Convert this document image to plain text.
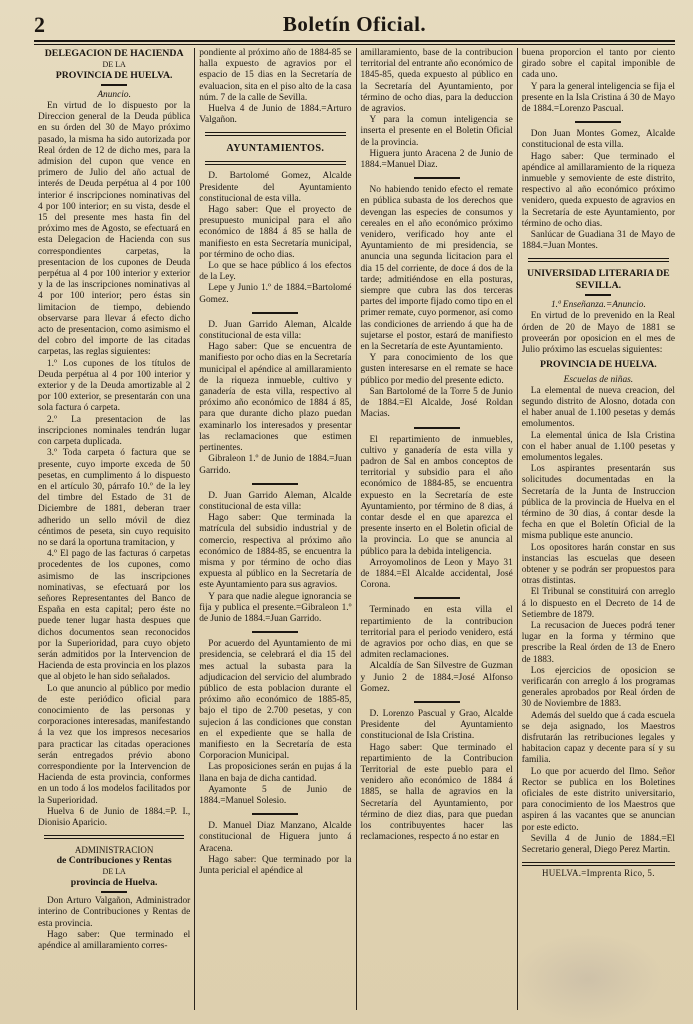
2	Boletín Oficial.

DELEGACION DE HACIENDA

DE LA

PROVINCIA DE HUELVA.

Anuncio.

En virtud de lo dispuesto por la Direccion general de la Deuda pública en su órden del 30 de Mayo próximo pasado, la misma ha sido autorizada por Real órden de 12 de dicho mes, para la admision del cupon que vence en primero de Julio del año actual de interés de Deuda perpétua al 4 por 100 interior é inscripciones nominativas del 4 por 100 interior; en su vista, desde el 15 del presente mes hasta fin del próximo mes de Agosto, se efectuará en esta Delegacion de Hacienda con sus correspondientes carpetas, la presentacion de los cupones de Deuda perpétua al 4 por 100 interior y exterior y la de las inscripciones nominativas al 4 por 100 interior; pero éstas sin limitacion de tiempo, debiendo observarse para llevar á efecto dicho acto de presentacion, como asimismo el del cobro del importe de las citadas carpetas, las reglas siguientes:

1.º Los cupones de los títulos de Deuda perpétua al 4 por 100 interior y exterior y de la Deuda amortizable al 2 por 100 exterior, se presentarán con una sola factura ó carpeta.

2.º La presentacion de las inscripciones nominales tendrán lugar con carpeta duplicada.

3.º Toda carpeta ó factura que se presente, cuyo importe exceda de 50 pesetas, en cumplimento á lo dispuesto en el artículo 30, párrafo 10.º de la ley del timbre del Estado de 31 de Diciembre de 1881, deberan traer adherido un sello móvil de diez céntimos de peseta, sin cuyo requisito no se dará la oportuna tramitacion, y

4.º El pago de las facturas ó carpetas procedentes de los cupones, como asimismo de las inscripciones nominativas, se efectuará por los señores Representantes del Banco de España en esta capital; pero éste no puede tener lugar hasta despues que dichos documentos sean reconocidos por la Superioridad, para cuyo objeto serán admitidos por la Intervencion de Hacienda de esta provincia en los plazos que al objeto le han sido señalados.

Lo que anuncio al público por medio de este periódico oficial para conocimiento de las personas y corporaciones interesadas, manifestando á la vez que los impresos necesarios para practicar las citadas operaciones serán entregados prévio abono correspondiente por la Intervencion de Hacienda de esta provincia, conformes en un todo á los modelos facilitados por la Superioridad.

Huelva 6 de Junio de 1884.=P. I., Dionisio Aparicio.

ADMINISTRACION

de Contribuciones y Rentas

DE LA

provincia de Huelva.

Don Arturo Valgañon, Administrador interino de Contribuciones y Rentas de esta provincia.

Hago saber: Que terminado el apéndice al amillaramiento corres-

pondiente al próximo año de 1884-85 se halla expuesto de agravios por el espacio de 15 dias en la Secretaría de evaluacion, sita en el piso alto de la casa núm. 7 de la calle de Sevilla.

Huelva 4 de Junio de 1884.=Arturo Valgañon.

AYUNTAMIENTOS.

D. Bartolomé Gomez, Alcalde Presidente del Ayuntamiento constitucional de esta villa.

Hago saber: Que el proyecto de presupuesto municipal para el año económico de 1884 á 85 se halla de manifiesto en esta Secretaría municipal, por término de ocho dias.

Lo que se hace público á los efectos de la Ley.

Lepe y Junio 1.º de 1884.=Bartolomé Gomez.

D. Juan Garrido Aleman, Alcalde constitucional de esta villa:

Hago saber: Que se encuentra de manifiesto por ocho dias en la Secretaría municipal el apéndice al amillaramiento de la riqueza inmueble, cultivo y ganadería de esta villa, respectivo al próximo año económico de 1884 á 85, para que durante dicho plazo puedan examinarlo los interesados y presentar las reclamaciones que estimen pertinentes.

Gibraleon 1.º de Junio de 1884.=Juan Garrido.

D. Juan Garrido Aleman, Alcalde constitucional de esta villa:

Hago saber: Que terminada la matrícula del subsidio industrial y de comercio, respectiva al próximo año económico de 1884-85, se encuentra la misma y por término de ocho dias expuesta al público en la Secretaría de este Ayuntamiento para sus agravios.

Y para que nadie alegue ignorancia se fija y publica el presente.=Gibraleon 1.º de Junio de 1884.=Juan Garrido.

Por acuerdo del Ayuntamiento de mi presidencia, se celebrará el dia 15 del mes actual la subasta para la adjudicacion del servicio del alumbrado público de esta poblacion durante el próximo año económico de 1885-85, bajo el tipo de 2.700 pesetas, y con sujecion á las condiciones que constan en el expediente que se halla de manifiesto en la Secretaría de esta Corporacion Municipal.

Las proposiciones serán en pujas á la llana en baja de dicha cantidad.

Ayamonte 5 de Junio de 1884.=Manuel Solesio.

D. Manuel Diaz Manzano, Alcalde constitucional de Higuera junto á Aracena.

Hago saber: Que terminado por la Junta pericial el apéndice al

amillaramiento, base de la contribucion territorial del entrante año económico de 1845-85, queda expuesto al público en la Secretaría del Ayuntamiento, por término de ocho dias, para la deduccion de agravios.

Y para la comun inteligencia se inserta el presente en el Boletin Oficial de la provincia.

Higuera junto Aracena 2 de Junio de 1884.=Manuel Diaz.

No habiendo tenido efecto el remate en pública subasta de los derechos que devengan las especies de consumos y cereales en el año económico próximo venidero, verificado hoy ante el Ayuntamiento de mi presidencia, se anuncia una segunda licitacion para el dia 15 del corriente, de doce á dos de la tarde; admitiéndose en ella posturas, siempre que cubra las dos terceras partes del importe fijado como tipo en el primer remate, cuyo pormenor, así como las condiciones de arriendo á que ha de sujetarse el postor, estará de manifiesto en la Secretaría de este Ayuntamiento.

Y para conocimiento de los que gusten interesarse en el remate se hace público por medio del presente edicto.

San Bartolomé de la Torre 5 de Junio de 1884.=El Alcalde, José Roldan Macias.

El repartimiento de inmuebles, cultivo y ganadería de esta villa y padron de Sal en ambos conceptos de territorial y subsidio para el año económico de 1884-85, se encuentra expuesto en la Secretaría de este Ayuntamiento, por término de 8 dias, á contar desde el en que aparezca el presente inserto en el Boletin oficial de la provincia. Lo que se anuncia al público para la debida inteligencia.

Arroyomolinos de Leon y Mayo 31 de 1884.=El Alcalde accidental, José Corona.

Terminado en esta villa el repartimiento de la contribucion territorial para el periodo venidero, está de agravios por ocho dias, en que se admiten reclamaciones.

Alcaldía de San Silvestre de Guzman y Junio 2 de 1884.=José Alfonso Gomez.

D. Lorenzo Pascual y Grao, Alcalde Presidente del Ayuntamiento constitucional de Isla Cristina.

Hago saber: Que terminado el repartimiento de la Contribucion Territorial de este pueblo para el venidero año económico de 1884 á 1885, se halla de agravios en la Secretaría del Ayuntamiento, por término de diez dias, para que puedan los contribuyentes hacer las reclamaciones, respecto á no estar en

buena proporcion el tanto por ciento girado sobre el capital imponible de cada uno.

Y para la general inteligencia se fija el presente en la Isla Cristina á 30 de Mayo de 1884.=Lorenzo Pascual.

Don Juan Montes Gomez, Alcalde constitucional de esta villa.

Hago saber: Que terminado el apéndice al amillaramiento de la riqueza inmueble y semoviente de este distrito, respectivo al año económico próximo venidero, queda expuesto de agravios en la Secretaría de este Ayuntamiento, por término de ocho dias.

Sanlúcar de Guadiana 31 de Mayo de 1884.=Juan Montes.

UNIVERSIDAD LITERARIA DE

SEVILLA.

1.ª Enseñanza.=Anuncio.

En virtud de lo prevenido en la Real órden de 20 de Mayo de 1881 se proveerán por oposicion en el mes de Julio próximo las escuelas siguientes:

PROVINCIA DE HUELVA.

Escuelas de niñas.

La elemental de nueva creacion, del segundo distrito de Alosno, dotada con el haber anual de 1.100 pesetas y demás emolumentos.

La elemental única de Isla Cristina con el haber anual de 1.100 pesetas y emolumentos legales.

Los aspirantes presentarán sus solicitudes documentadas en la Secretaría de la Junta de Instruccion pública de la provincia de Huelva en el término de 30 dias, á contar desde la fecha en que el Boletín Oficial de la misma publique este anuncio.

Los opositores harán constar en sus instancias las escuelas que deseen obtener y se podrán ser propuestos para otras distintas.

El Tribunal se constituirá con arreglo á lo dispuesto en el Decreto de 14 de Setiembre de 1879.

La recusacion de Jueces podrá tener lugar en la forma y término que prescribe la Real órden de 13 de Enero de 1883.

Los ejercicios de oposicion se verificarán con arreglo á los programas generales aprobados por Real órden de 30 de Noviembre de 1883.

Además del sueldo que á cada escuela se deja asignado, los Maestros disfrutarán las retribuciones legales y habitacion capaz y decente para sí y su familia.

Lo que por acuerdo del Ilmo. Señor Rector se publica en los Boletines oficiales de este distrito universitario, para conocimiento de los Maestros que aspiren á las vacantes que se anuncian por este edicto.

Sevilla 4 de Junio de 1884.=El Secretario general, Diego Perez Martin.

HUELVA.=Imprenta Rico, 5.
